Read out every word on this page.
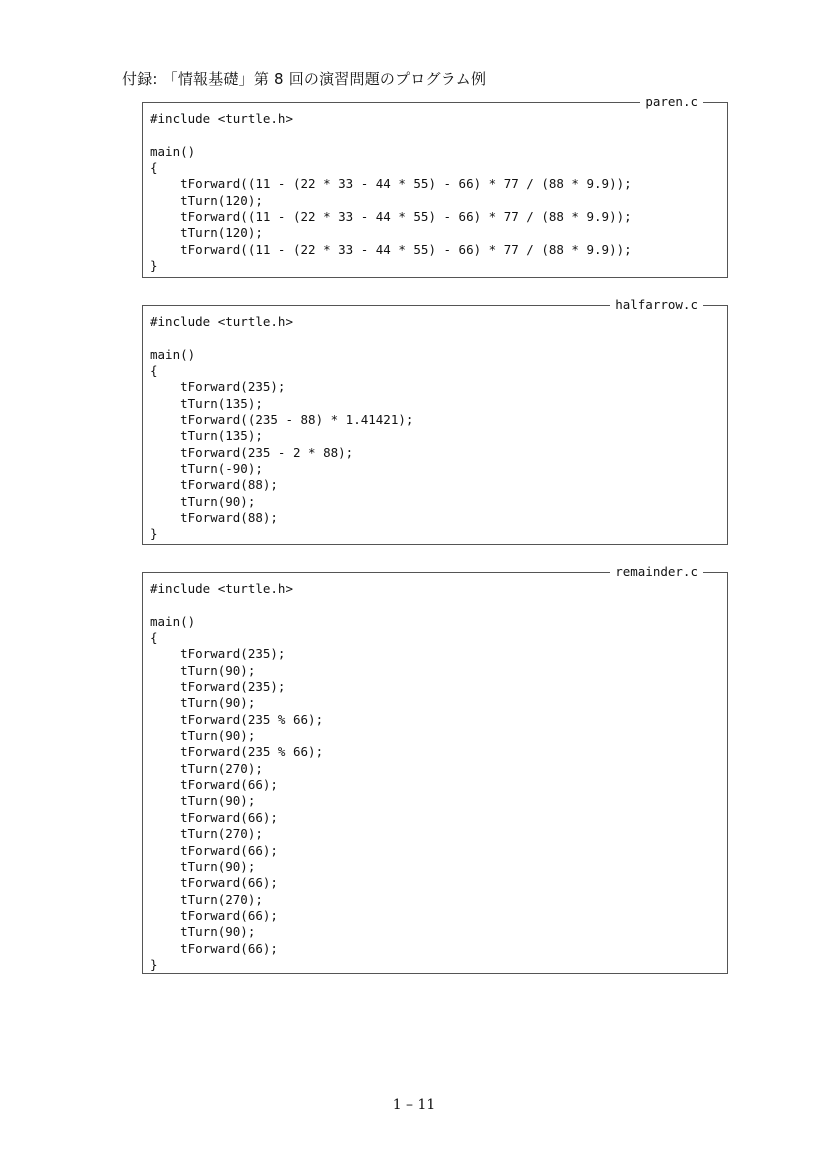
付録: 「情報基礎」第 8 回の演習問題のプログラム例
paren.c
#include <turtle.h>
main()
{
tForward((11 - (22 * 33 - 44 * 55) - 66) * 77 / (88 * 9.9));
tTurn(120);
tForward((11 - (22 * 33 - 44 * 55) - 66) * 77 / (88 * 9.9));
tTurn(120);
tForward((11 - (22 * 33 - 44 * 55) - 66) * 77 / (88 * 9.9));
}
halfarrow.c
#include <turtle.h>
main()
{
tForward(235);
tTurn(135);
tForward((235 - 88) * 1.41421);
tTurn(135);
tForward(235 - 2 * 88);
tTurn(-90);
tForward(88);
tTurn(90);
tForward(88);
}
remainder.c
#include <turtle.h>
main()
{
tForward(235);
tTurn(90);
tForward(235);
tTurn(90);
tForward(235 % 66);
tTurn(90);
tForward(235 % 66);
tTurn(270);
tForward(66);
tTurn(90);
tForward(66);
tTurn(270);
tForward(66);
tTurn(90);
tForward(66);
tTurn(270);
tForward(66);
tTurn(90);
tForward(66);
}
1 – 11
